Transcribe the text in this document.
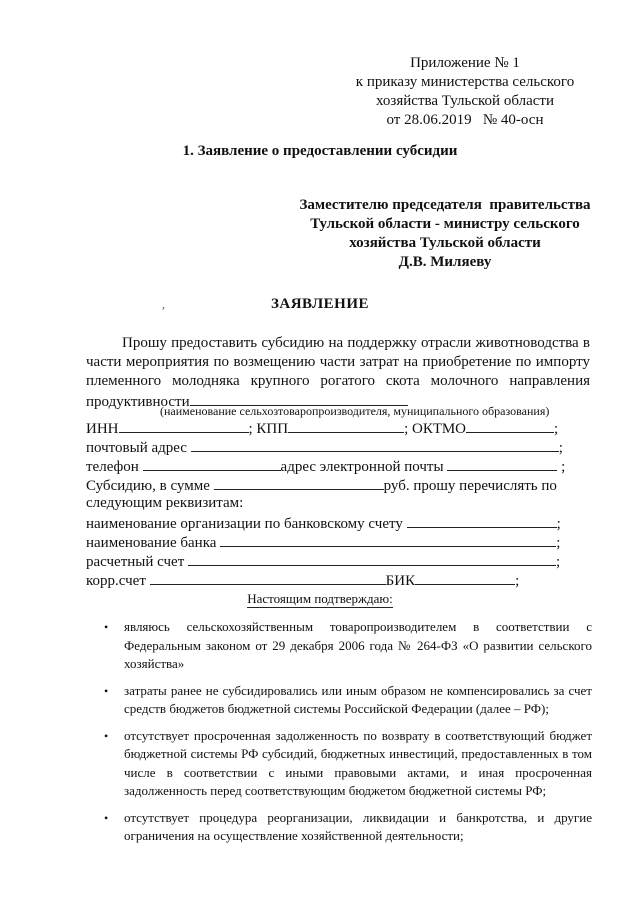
Приложение № 1
к приказу министерства сельского
хозяйства Тульской области
от 28.06.2019   № 40-осн
1. Заявление о предоставлении субсидии
Заместителю председателя  правительства
Тульской области - министру сельского
хозяйства Тульской области
Д.В. Миляеву
,	ЗАЯВЛЕНИЕ
Прошу предоставить субсидию на поддержку отрасли животноводства в
части мероприятия по возмещению части затрат на приобретение по импорту
племенного молодняка крупного рогатого скота молочного направления
продуктивности
(наименование сельхозтоваропроизводителя, муниципального образования)
ИНН	; КПП	; ОКТМО	;
почтовый адрес	;
телефон	адрес электронной почты	;
Субсидию, в сумме	руб. прошу перечислять по
следующим реквизитам:
наименование организации по банковскому счету	;
наименование банка	;
расчетный счет	;
корр.счет	БИК	;
Настоящим подтверждаю:
• являюсь сельскохозяйственным товаропроизводителем в соответствии с Федеральным законом от 29 декабря 2006 года № 264-ФЗ «О развитии сельского хозяйства»
• затраты ранее не субсидировались или иным образом не компенсировались за счет средств бюджетов бюджетной системы Российской Федерации (далее – РФ);
• отсутствует просроченная задолженность по возврату в соответствующий бюджет бюджетной системы РФ субсидий, бюджетных инвестиций, предоставленных в том числе в соответствии с иными правовыми актами, и иная просроченная задолженность перед соответствующим бюджетом бюджетной системы РФ;
• отсутствует процедура реорганизации, ликвидации и банкротства, и другие ограничения на осуществление хозяйственной деятельности;
